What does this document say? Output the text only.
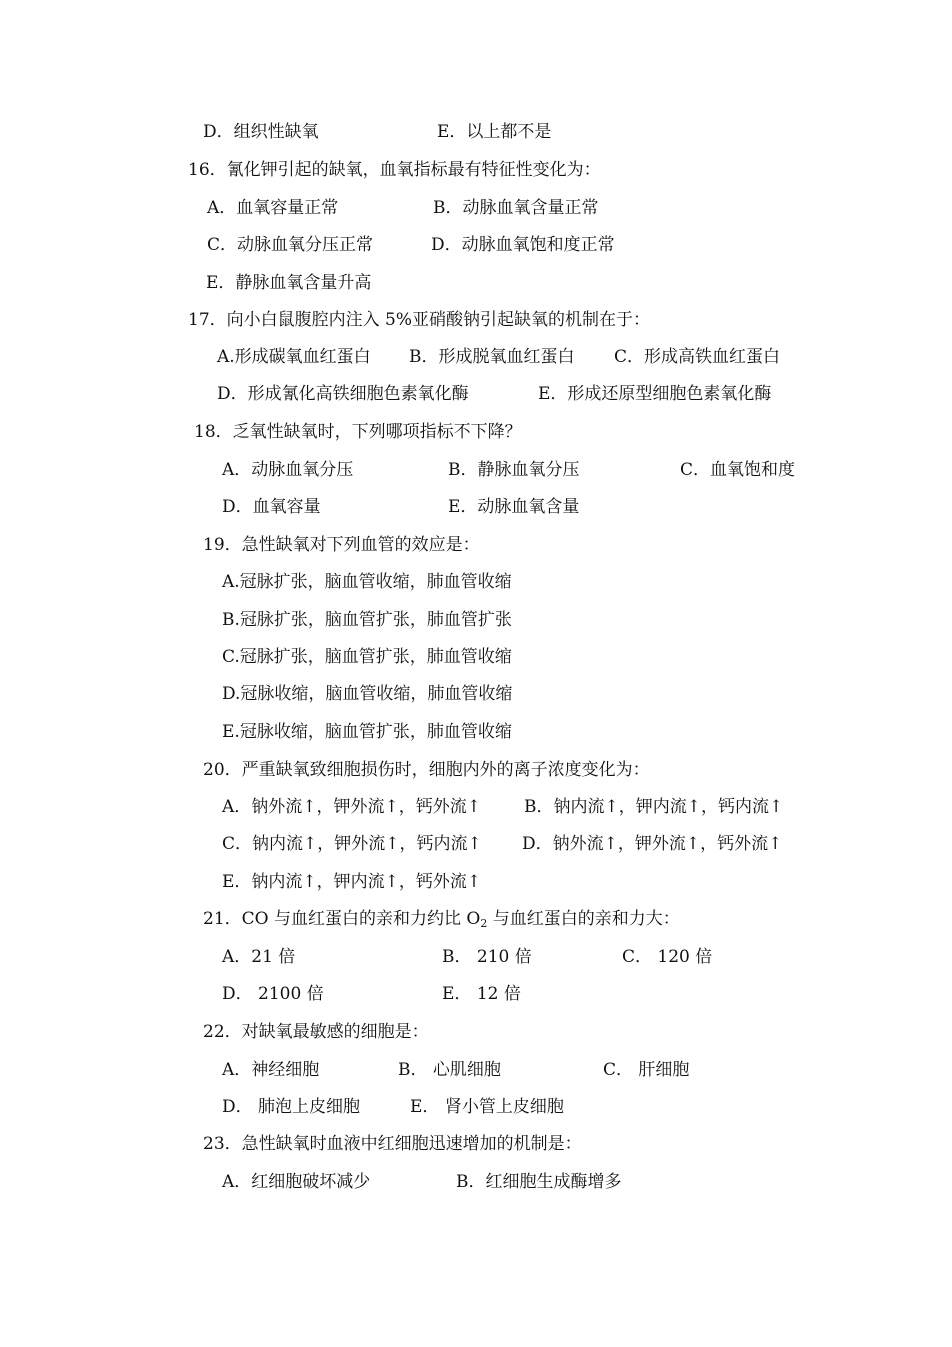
D．组织性缺氧	E．以上都不是
16．氰化钾引起的缺氧，血氧指标最有特征性变化为：
A．血氧容量正常	B．动脉血氧含量正常
C．动脉血氧分压正常	D．动脉血氧饱和度正常
E．静脉血氧含量升高
17．向小白鼠腹腔内注入 5%亚硝酸钠引起缺氧的机制在于：
A.形成碳氧血红蛋白 B．形成脱氧血红蛋白 C．形成高铁血红蛋白
D．形成氰化高铁细胞色素氧化酶	E．形成还原型细胞色素氧化酶
18．乏氧性缺氧时，下列哪项指标不下降？
A．动脉血氧分压	B．静脉血氧分压	C．血氧饱和度
D．血氧容量	E．动脉血氧含量
19．急性缺氧对下列血管的效应是：
A.冠脉扩张，脑血管收缩，肺血管收缩
B.冠脉扩张，脑血管扩张，肺血管扩张
C.冠脉扩张，脑血管扩张，肺血管收缩
D.冠脉收缩，脑血管收缩，肺血管收缩
E.冠脉收缩，脑血管扩张，肺血管收缩
20．严重缺氧致细胞损伤时，细胞内外的离子浓度变化为：
A．钠外流↑，钾外流↑，钙外流↑	B．钠内流↑，钾内流↑，钙内流↑
C．钠内流↑，钾外流↑，钙内流↑ D．钠外流↑，钾外流↑，钙外流↑
E．钠内流↑，钾内流↑，钙外流↑
21．CO 与血红蛋白的亲和力约比 $O_2$ 与血红蛋白的亲和力大：
A．21 倍	B． 210 倍	C． 120 倍
D． 2100 倍	E． 12 倍
22．对缺氧最敏感的细胞是：
A．神经细胞	B． 心肌细胞	C． 肝细胞
D． 肺泡上皮细胞	E． 肾小管上皮细胞
23．急性缺氧时血液中红细胞迅速增加的机制是：
A．红细胞破坏减少	B．红细胞生成酶增多
